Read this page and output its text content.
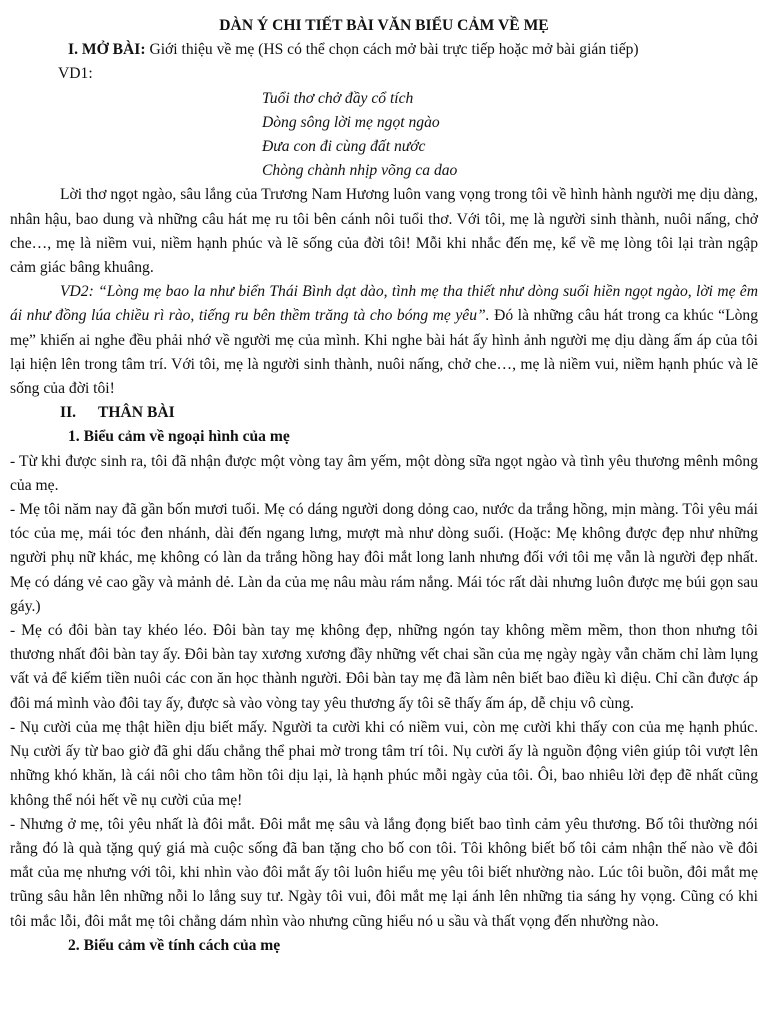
DÀN Ý CHI TIẾT BÀI VĂN BIỂU CẢM VỀ MẸ

I. MỞ BÀI: Giới thiệu về mẹ (HS có thể chọn cách mở bài trực tiếp hoặc mở bài gián tiếp)

VD1:

Tuổi thơ chở đầy cổ tích

Dòng sông lời mẹ ngọt ngào

Đưa con đi cùng đất nước

Chòng chành nhịp võng ca dao

Lời thơ ngọt ngào, sâu lắng của Trương Nam Hương luôn vang vọng trong tôi về hình hành người mẹ dịu dàng, nhân hậu, bao dung và những câu hát mẹ ru tôi bên cánh nôi tuổi thơ. Với tôi, mẹ là người sinh thành, nuôi nấng, chở che…, mẹ là niềm vui, niềm hạnh phúc và lẽ sống của đời tôi! Mỗi khi nhắc đến mẹ, kể về mẹ lòng tôi lại tràn ngập cảm giác bâng khuâng.

VD2: “Lòng mẹ bao la như biển Thái Bình dạt dào, tình mẹ tha thiết như dòng suối hiền ngọt ngào, lời mẹ êm ái như đồng lúa chiều rì rào, tiếng ru bên thềm trăng tà cho bóng mẹ yêu”. Đó là những câu hát trong ca khúc “Lòng mẹ” khiến ai nghe đều phải nhớ về người mẹ của mình. Khi nghe bài hát ấy hình ảnh người mẹ dịu dàng ấm áp của tôi lại hiện lên trong tâm trí. Với tôi, mẹ là người sinh thành, nuôi nấng, chở che…, mẹ là niềm vui, niềm hạnh phúc và lẽ sống của đời tôi!

II. THÂN BÀI

1. Biểu cảm về ngoại hình của mẹ

- Từ khi được sinh ra, tôi đã nhận được một vòng tay âm yếm, một dòng sữa ngọt ngào và tình yêu thương mênh mông của mẹ.

- Mẹ tôi năm nay đã gần bốn mươi tuổi. Mẹ có dáng người dong dỏng cao, nước da trắng hồng, mịn màng. Tôi yêu mái tóc của mẹ, mái tóc đen nhánh, dài đến ngang lưng, mượt mà như dòng suối. (Hoặc: Mẹ không được đẹp như những người phụ nữ khác, mẹ không có làn da trắng hồng hay đôi mắt long lanh nhưng đối với tôi mẹ vẫn là người đẹp nhất. Mẹ có dáng vẻ cao gầy và mảnh dẻ. Làn da của mẹ nâu màu rám nắng. Mái tóc rất dài nhưng luôn được mẹ búi gọn sau gáy.)

- Mẹ có đôi bàn tay khéo léo. Đôi bàn tay mẹ không đẹp, những ngón tay không mềm mềm, thon thon nhưng tôi thương nhất đôi bàn tay ấy. Đôi bàn tay xương xương đầy những vết chai sần của mẹ ngày ngày vẫn chăm chỉ làm lụng vất vả để kiếm tiền nuôi các con ăn học thành người. Đôi bàn tay mẹ đã làm nên biết bao điều kì diệu. Chỉ cần được áp đôi má mình vào đôi tay ấy, được sà vào vòng tay yêu thương ấy tôi sẽ thấy ấm áp, dễ chịu vô cùng.

- Nụ cười của mẹ thật hiền dịu biết mấy. Người ta cười khi có niềm vui, còn mẹ cười khi thấy con của mẹ hạnh phúc. Nụ cười ấy từ bao giờ đã ghi dấu chẳng thể phai mờ trong tâm trí tôi. Nụ cười ấy là nguồn động viên giúp tôi vượt lên những khó khăn, là cái nôi cho tâm hồn tôi dịu lại, là hạnh phúc mỗi ngày của tôi. Ôi, bao nhiêu lời đẹp đẽ nhất cũng không thể nói hết về nụ cười của mẹ!

- Nhưng ở mẹ, tôi yêu nhất là đôi mắt. Đôi mắt mẹ sâu và lắng đọng biết bao tình cảm yêu thương. Bố tôi thường nói rằng đó là quà tặng quý giá mà cuộc sống đã ban tặng cho bố con tôi. Tôi không biết bố tôi cảm nhận thế nào về đôi mắt của mẹ nhưng với tôi, khi nhìn vào đôi mắt ấy tôi luôn hiểu mẹ yêu tôi biết nhường nào. Lúc tôi buồn, đôi mắt mẹ trũng sâu hằn lên những nỗi lo lắng suy tư. Ngày tôi vui, đôi mắt mẹ lại ánh lên những tia sáng hy vọng. Cũng có khi tôi mắc lỗi, đôi mắt mẹ tôi chẳng dám nhìn vào nhưng cũng hiểu nó u sầu và thất vọng đến nhường nào.

2. Biểu cảm về tính cách của mẹ
